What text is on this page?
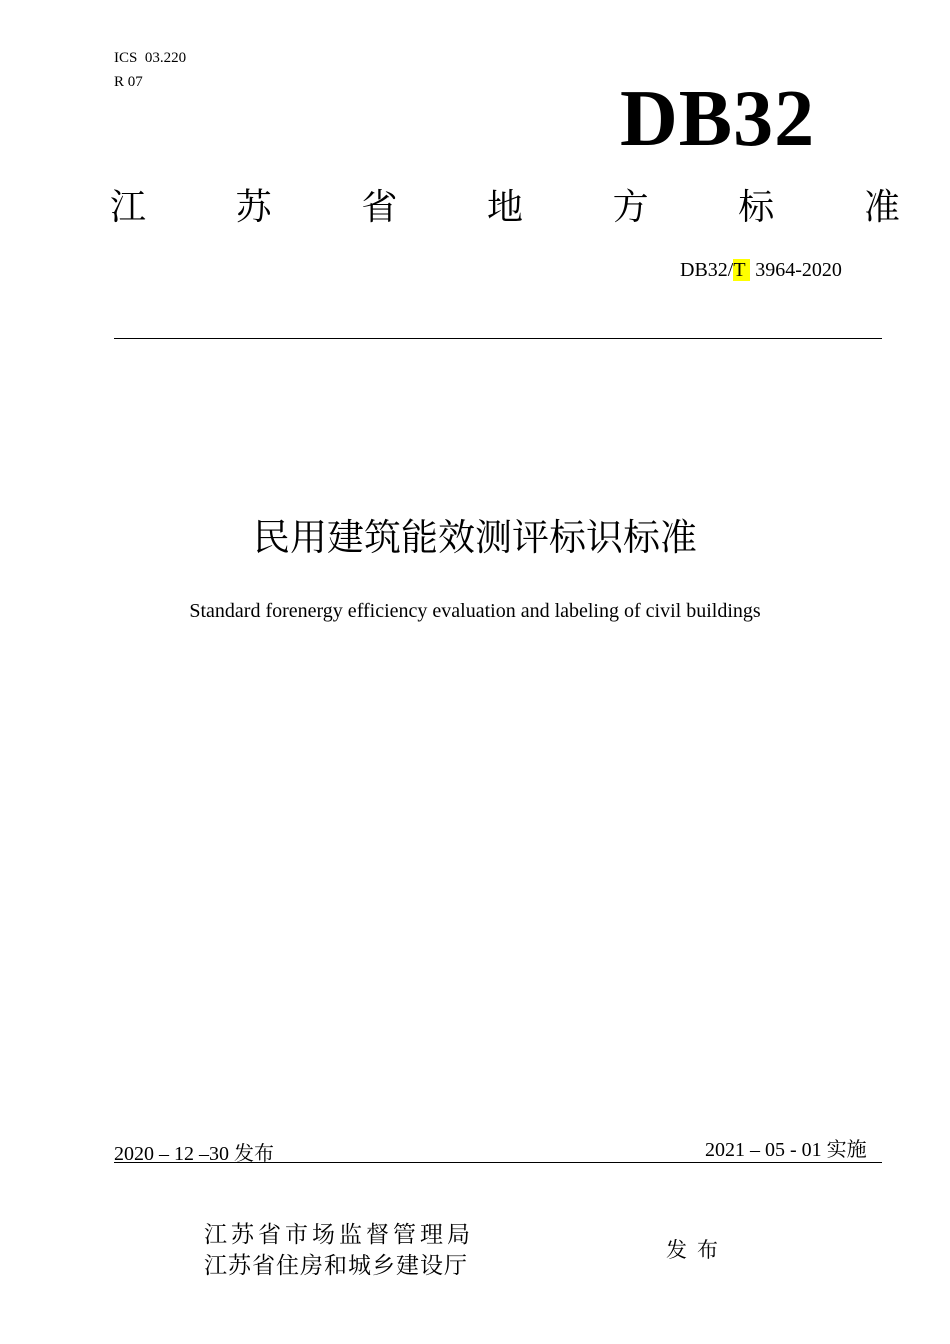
ICS  03.220
R 07	DB32
江 苏 省 地 方 标 准
DB32/T  3964-2020
民用建筑能效测评标识标准
Standard forenergy efficiency evaluation and labeling of civil buildings
2020 – 12 –30 发布	2021 – 05 - 01 实施
江苏省市场监督管理局
江苏省住房和城乡建设厅
发布
